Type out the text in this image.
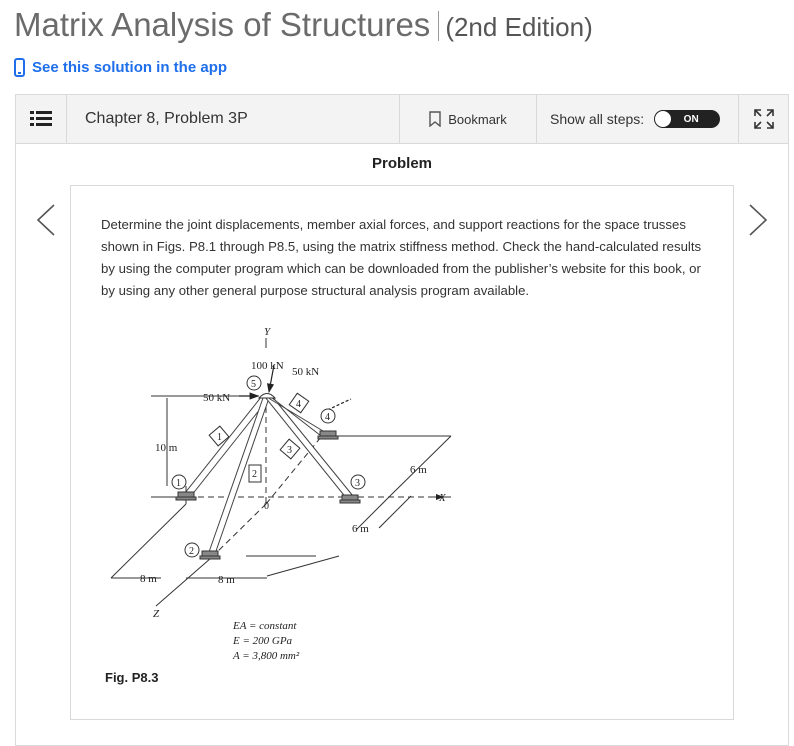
Matrix Analysis of Structures (2nd Edition)
See this solution in the app
Chapter 8, Problem 3P	Bookmark	Show all steps:	ON
Problem
Determine the joint displacements, member axial forces, and support reactions for the space trusses shown in Figs. P8.1 through P8.5, using the matrix stiffness method. Check the hand-calculated results by using the computer program which can be downloaded from the publisher’s website for this book, or by using any other general purpose structural analysis program available.
Y
X
Z
0
100 kN 50 kN
50 kN
10 m
6 m
6 m
8 m	8 m
1
2
3
4
5
1
2
3
4
EA = constant
E = 200 GPa
A = 3,800 mm²
Fig. P8.3
